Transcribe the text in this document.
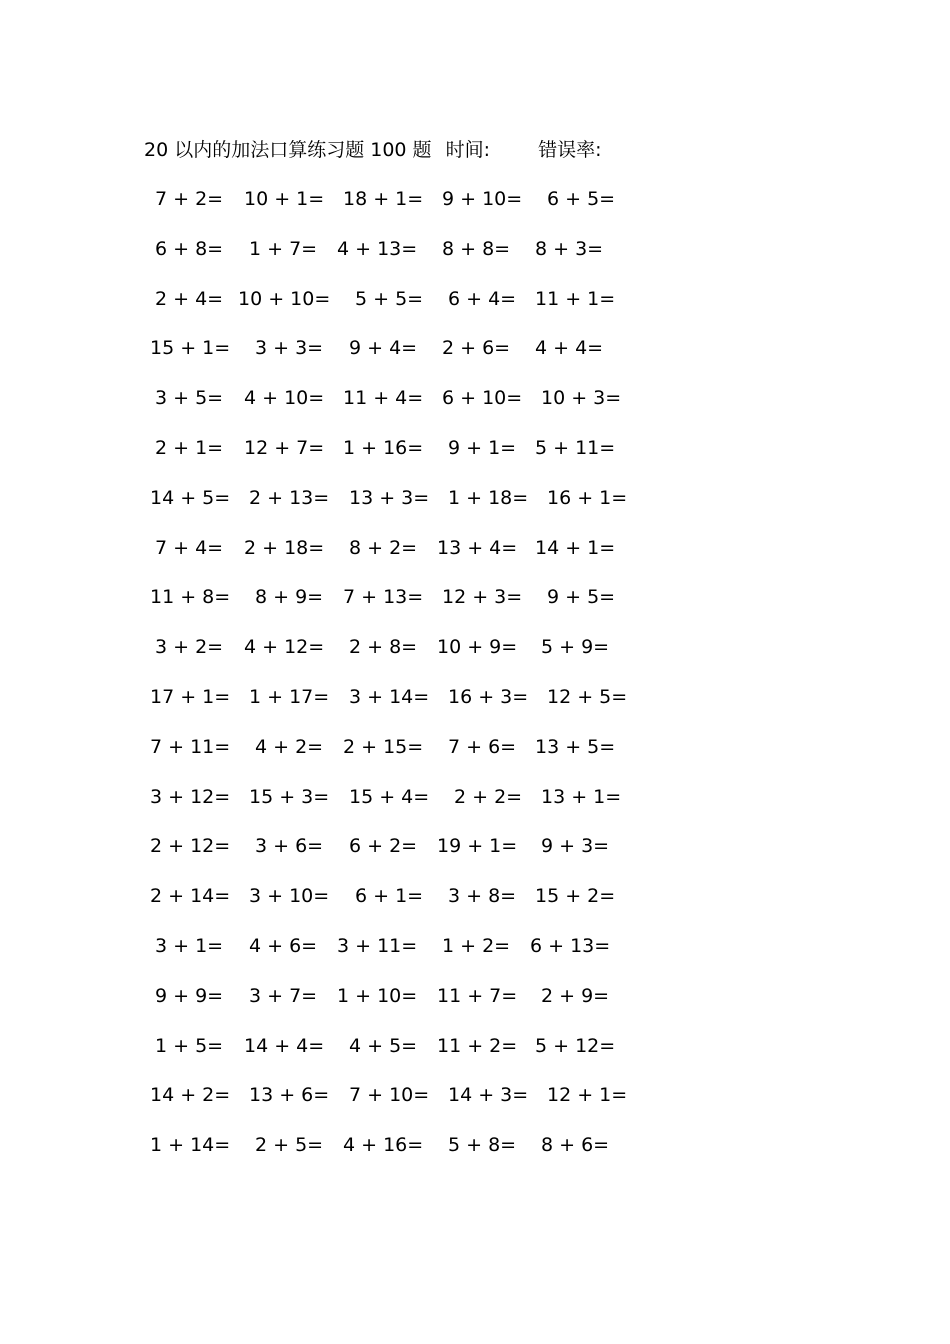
20 以内的加法口算练习题 100 题 时间:	错误率:
7 + 2= 10 + 1= 18 + 1= 9 + 10= 6 + 5=
6 + 8= 1 + 7= 4 + 13= 8 + 8= 8 + 3=
2 + 4= 10 + 10= 5 + 5= 6 + 4= 11 + 1=
15 + 1= 3 + 3= 9 + 4= 2 + 6= 4 + 4=
3 + 5= 4 + 10= 11 + 4= 6 + 10= 10 + 3=
2 + 1= 12 + 7= 1 + 16= 9 + 1= 5 + 11=
14 + 5= 2 + 13= 13 + 3= 1 + 18= 16 + 1=
7 + 4= 2 + 18= 8 + 2= 13 + 4= 14 + 1=
11 + 8= 8 + 9= 7 + 13= 12 + 3= 9 + 5=
3 + 2= 4 + 12= 2 + 8= 10 + 9= 5 + 9=
17 + 1= 1 + 17= 3 + 14= 16 + 3= 12 + 5=
7 + 11= 4 + 2= 2 + 15= 7 + 6= 13 + 5=
3 + 12= 15 + 3= 15 + 4= 2 + 2= 13 + 1=
2 + 12= 3 + 6= 6 + 2= 19 + 1= 9 + 3=
2 + 14= 3 + 10= 6 + 1= 3 + 8= 15 + 2=
3 + 1= 4 + 6= 3 + 11= 1 + 2= 6 + 13=
9 + 9= 3 + 7= 1 + 10= 11 + 7= 2 + 9=
1 + 5= 14 + 4= 4 + 5= 11 + 2= 5 + 12=
14 + 2= 13 + 6= 7 + 10= 14 + 3= 12 + 1=
1 + 14= 2 + 5= 4 + 16= 5 + 8= 8 + 6=
